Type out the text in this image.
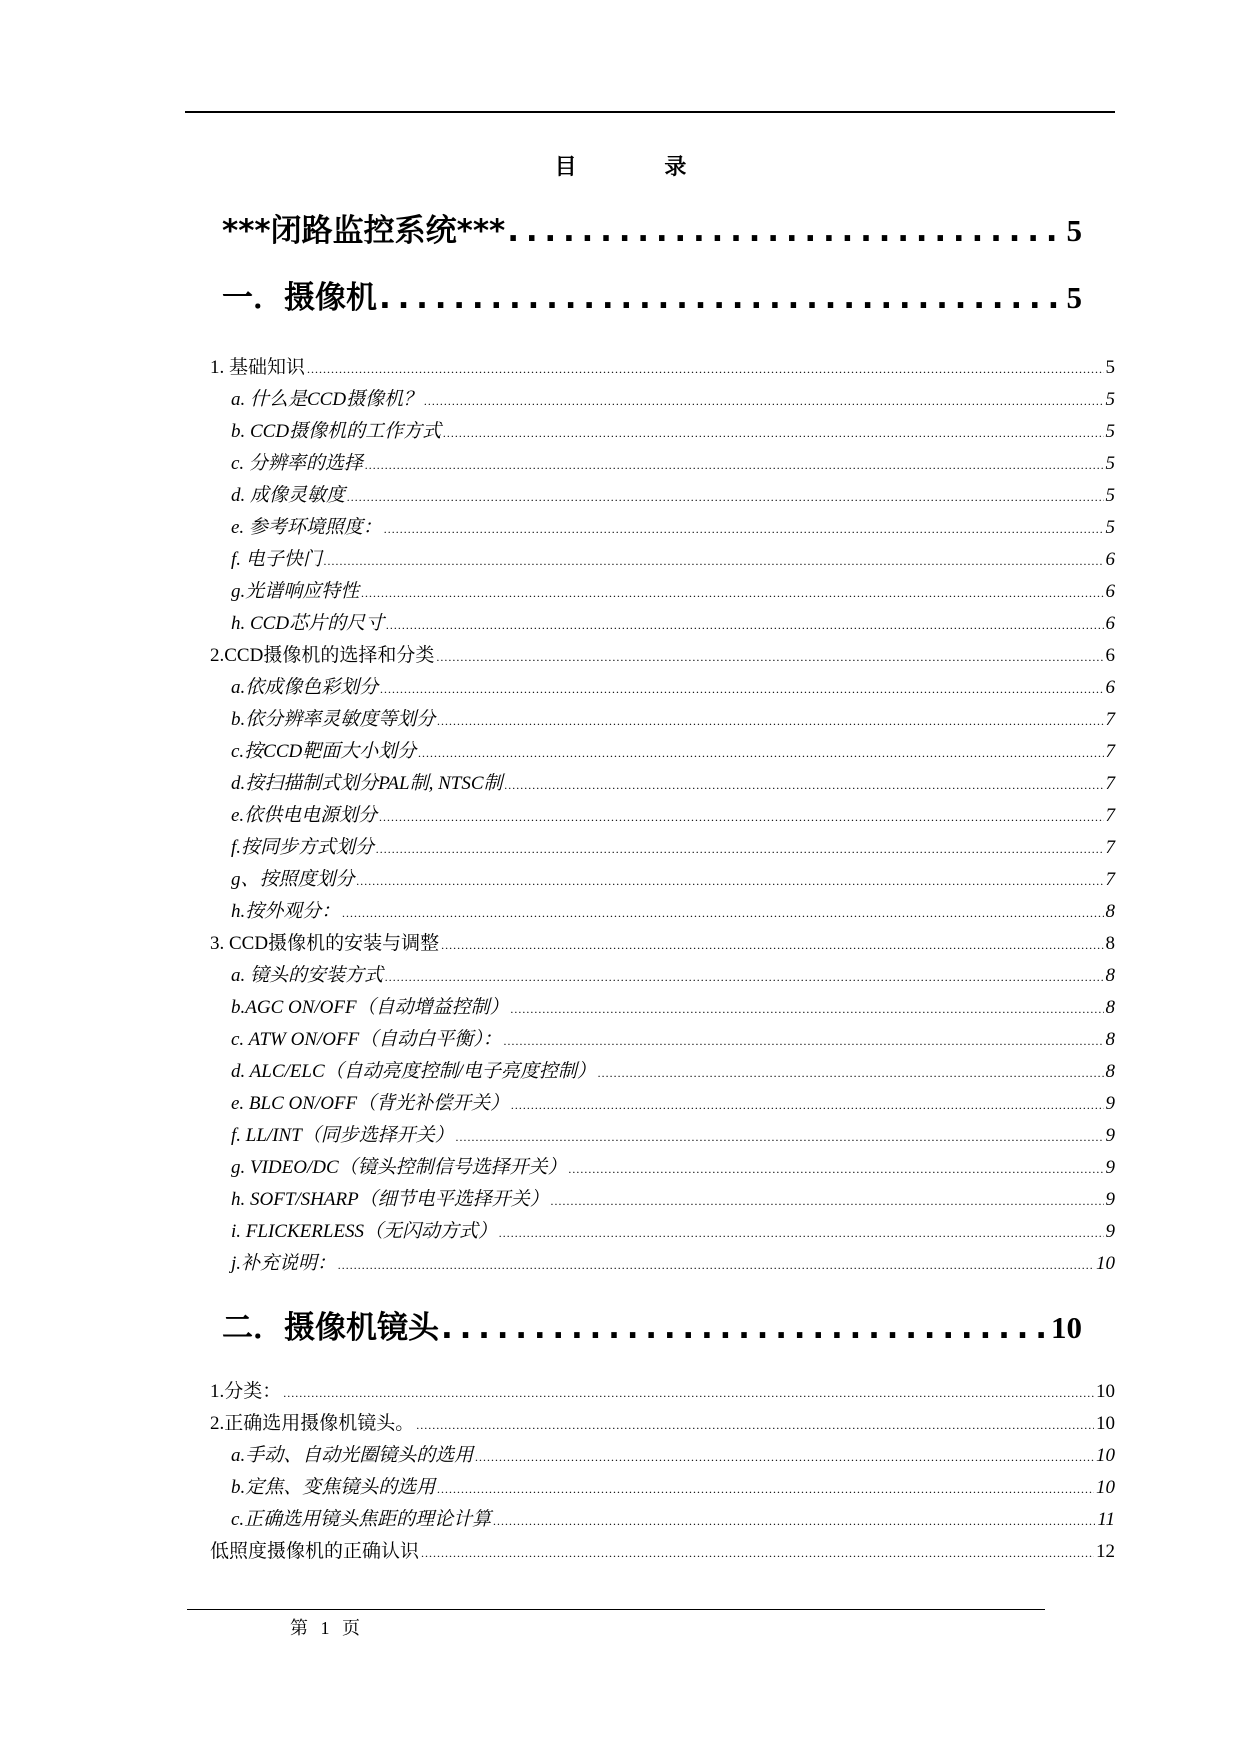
目 录
***闭路监控系统*** . . .	5
一．摄像机 . . .	5
1. 基础知识 . . .	5
a. 什么是CCD摄像机？ . . .	5
b. CCD摄像机的工作方式 . . .	5
c. 分辨率的选择 . . .	5
d. 成像灵敏度 . . .	5
e. 参考环境照度： . . .	5
f. 电子快门 . . .	6
g.光谱响应特性 . . .	6
h. CCD芯片的尺寸 . . .	6
2.CCD摄像机的选择和分类 . . .	6
a.依成像色彩划分 . . .	6
b.依分辨率灵敏度等划分 . . .	7
c.按CCD靶面大小划分 . . .	7
d.按扫描制式划分PAL制, NTSC制 . . .	7
e.依供电电源划分 . . .	7
f.按同步方式划分 . . .	7
g、按照度划分 . . .	7
h.按外观分： . . .	8
3. CCD摄像机的安装与调整 . . .	8
a. 镜头的安装方式 . . .	8
b.AGC ON/OFF（自动增益控制） . . .	8
c. ATW ON/OFF（自动白平衡）： . . .	8
d. ALC/ELC（自动亮度控制/电子亮度控制） . . .	8
e. BLC ON/OFF（背光补偿开关） . . .	9
f. LL/INT（同步选择开关） . . .	9
g. VIDEO/DC（镜头控制信号选择开关） . . .	9
h. SOFT/SHARP（细节电平选择开关） . . .	9
i. FLICKERLESS（无闪动方式） . . .	9
j.补充说明： . . .	10
二．摄像机镜头 . . .	10
1.分类： . . .	10
2.正确选用摄像机镜头。 . . .	10
a.手动、自动光圈镜头的选用 . . .	10
b.定焦、变焦镜头的选用 . . .	10
c.正确选用镜头焦距的理论计算 . . .	11
低照度摄像机的正确认识 . . .	12
第 1 页
